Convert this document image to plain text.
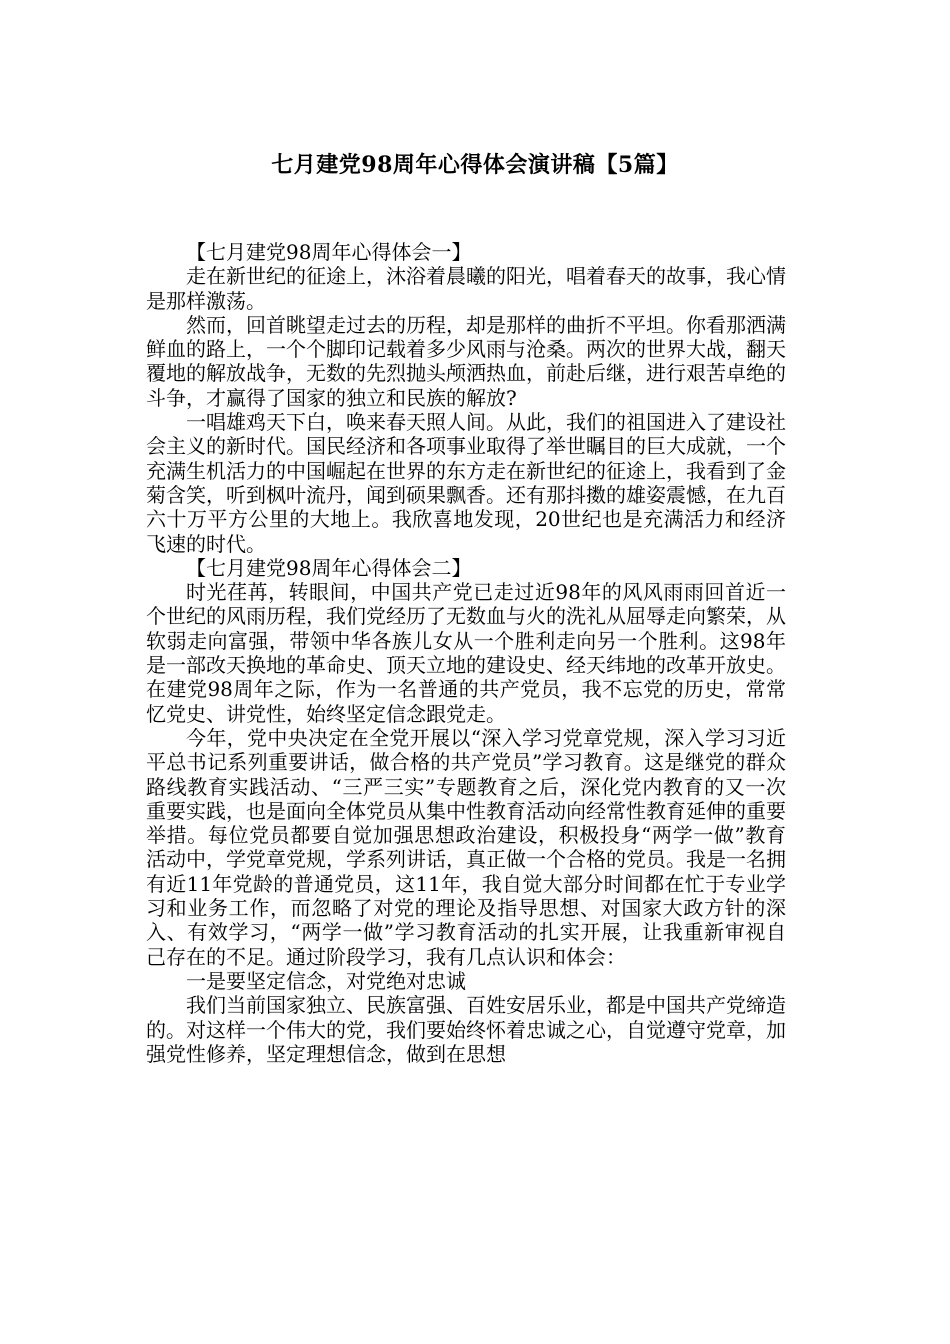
七月建党98周年心得体会演讲稿【5篇】

【七月建党98周年心得体会一】

走在新世纪的征途上，沐浴着晨曦的阳光，唱着春天的故事，我心情是那样激荡。

然而，回首眺望走过去的历程，却是那样的曲折不平坦。你看那洒满鲜血的路上，一个个脚印记载着多少风雨与沧桑。两次的世界大战，翻天覆地的解放战争，无数的先烈抛头颅洒热血，前赴后继，进行艰苦卓绝的斗争，才赢得了国家的独立和民族的解放?

一唱雄鸡天下白，唤来春天照人间。从此，我们的祖国进入了建设社会主义的新时代。国民经济和各项事业取得了举世瞩目的巨大成就，一个充满生机活力的中国崛起在世界的东方走在新世纪的征途上，我看到了金菊含笑，听到枫叶流丹，闻到硕果飘香。还有那抖擞的雄姿震憾，在九百六十万平方公里的大地上。我欣喜地发现，20世纪也是充满活力和经济飞速的时代。

【七月建党98周年心得体会二】

时光荏苒，转眼间，中国共产党已走过近98年的风风雨雨回首近一个世纪的风雨历程，我们党经历了无数血与火的洗礼从屈辱走向繁荣，从软弱走向富强，带领中华各族儿女从一个胜利走向另一个胜利。这98年是一部改天换地的革命史、顶天立地的建设史、经天纬地的改革开放史。在建党98周年之际，作为一名普通的共产党员，我不忘党的历史，常常忆党史、讲党性，始终坚定信念跟党走。

今年，党中央决定在全党开展以“深入学习党章党规，深入学习习近平总书记系列重要讲话，做合格的共产党员”学习教育。这是继党的群众路线教育实践活动、“三严三实”专题教育之后，深化党内教育的又一次重要实践，也是面向全体党员从集中性教育活动向经常性教育延伸的重要举措。每位党员都要自觉加强思想政治建设，积极投身“两学一做”教育活动中，学党章党规，学系列讲话，真正做一个合格的党员。我是一名拥有近11年党龄的普通党员，这11年，我自觉大部分时间都在忙于专业学习和业务工作，而忽略了对党的理论及指导思想、对国家大政方针的深入、有效学习，“两学一做”学习教育活动的扎实开展，让我重新审视自己存在的不足。通过阶段学习，我有几点认识和体会：

一是要坚定信念，对党绝对忠诚

我们当前国家独立、民族富强、百姓安居乐业，都是中国共产党缔造的。对这样一个伟大的党，我们要始终怀着忠诚之心，自觉遵守党章，加强党性修养，坚定理想信念，做到在思想
